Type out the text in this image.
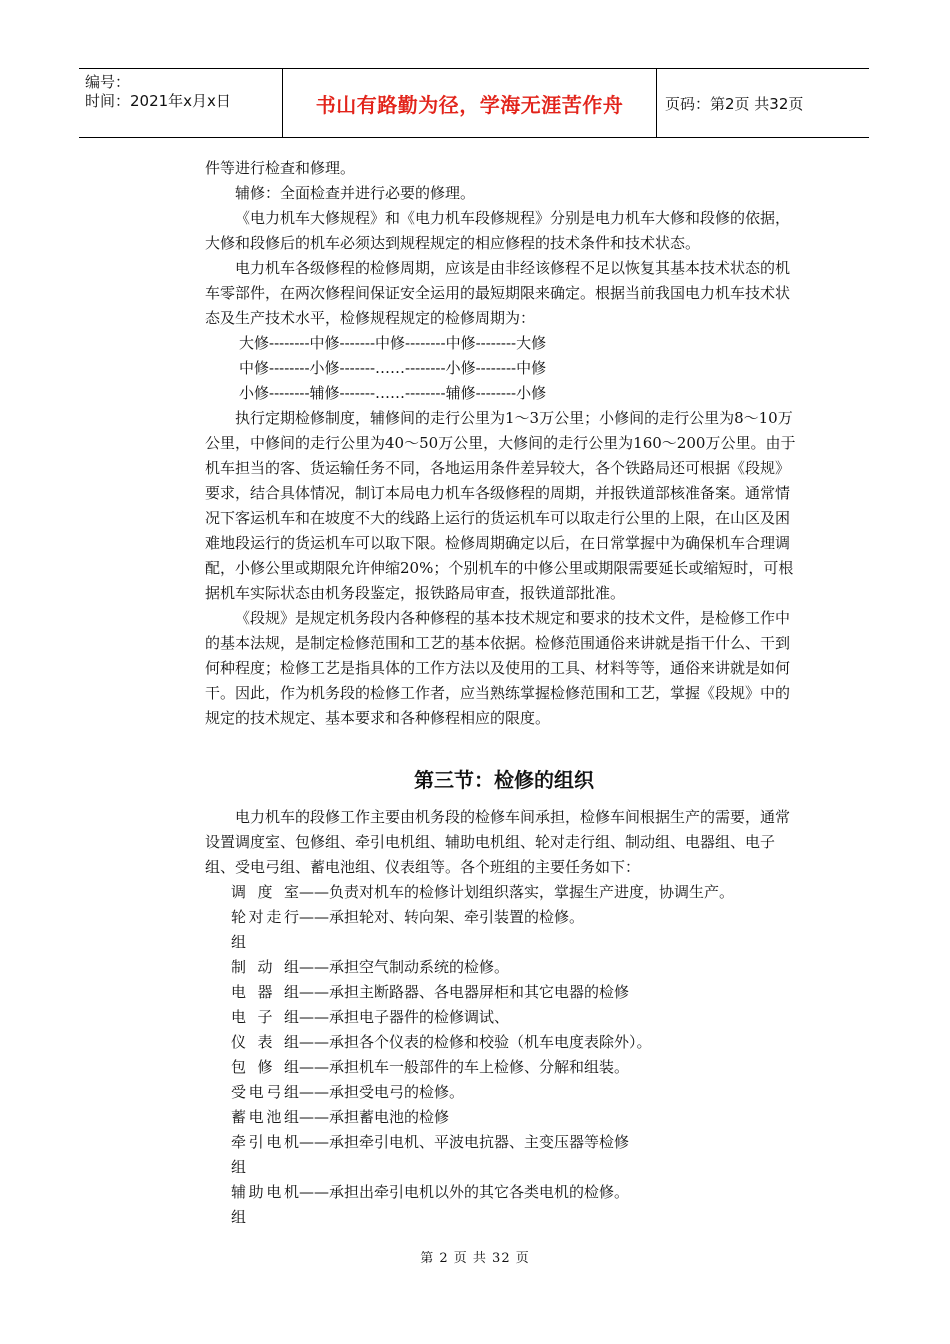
编号：
时间：2021年x月x日	书山有路勤为径，学海无涯苦作舟	页码：第2页 共32页

件等进行检查和修理。

辅修：全面检查并进行必要的修理。

《电力机车大修规程》和《电力机车段修规程》分别是电力机车大修和段修的依据，大修和段修后的机车必须达到规程规定的相应修程的技术条件和技术状态。

电力机车各级修程的检修周期，应该是由非经该修程不足以恢复其基本技术状态的机车零部件，在两次修程间保证安全运用的最短期限来确定。根据当前我国电力机车技术状态及生产技术水平，检修规程规定的检修周期为：

大修--------中修-------中修--------中修--------大修

中修--------小修-------……--------小修--------中修

小修--------辅修-------……--------辅修--------小修

执行定期检修制度，辅修间的走行公里为1～3万公里；小修间的走行公里为8～10万公里，中修间的走行公里为40～50万公里，大修间的走行公里为160～200万公里。由于机车担当的客、货运输任务不同，各地运用条件差异较大，各个铁路局还可根据《段规》要求，结合具体情况，制订本局电力机车各级修程的周期，并报铁道部核准备案。通常情况下客运机车和在坡度不大的线路上运行的货运机车可以取走行公里的上限，在山区及困难地段运行的货运机车可以取下限。检修周期确定以后，在日常掌握中为确保机车合理调配，小修公里或期限允许伸缩20%；个别机车的中修公里或期限需要延长或缩短时，可根据机车实际状态由机务段鉴定，报铁路局审查，报铁道部批准。

《段规》是规定机务段内各种修程的基本技术规定和要求的技术文件，是检修工作中的基本法规，是制定检修范围和工艺的基本依据。检修范围通俗来讲就是指干什么、干到何种程度；检修工艺是指具体的工作方法以及使用的工具、材料等等，通俗来讲就是如何干。因此，作为机务段的检修工作者，应当熟练掌握检修范围和工艺，掌握《段规》中的规定的技术规定、基本要求和各种修程相应的限度。

第三节：检修的组织

电力机车的段修工作主要由机务段的检修车间承担，检修车间根据生产的需要，通常设置调度室、包修组、牵引电机组、辅助电机组、轮对走行组、制动组、电器组、电子组、受电弓组、蓄电池组、仪表组等。各个班组的主要任务如下：

调度室 ——负责对机车的检修计划组织落实，掌握生产进度，协调生产。
轮对走行组
——承担轮对、转向架、牵引装置的检修。
制动组 ——承担空气制动系统的检修。
电器组 ——承担主断路器、各电器屏柜和其它电器的检修
电子组 ——承担电子器件的检修调试、
仪表组 ——承担各个仪表的检修和校验（机车电度表除外）。
包修组 ——承担机车一般部件的车上检修、分解和组装。
受电弓组 ——承担受电弓的检修。
蓄电池组 ——承担蓄电池的检修
牵引电机组
——承担牵引电机、平波电抗器、主变压器等检修
辅助电机组
——承担出牵引电机以外的其它各类电机的检修。
第 2 页 共 32 页
